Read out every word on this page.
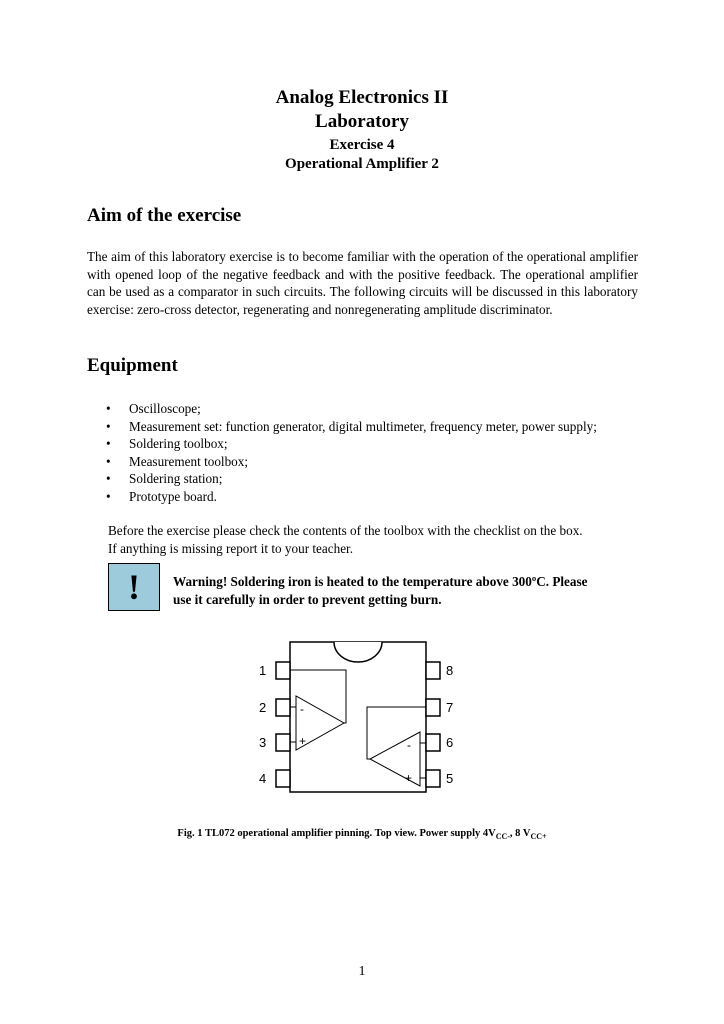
Analog Electronics II
Laboratory
Exercise 4
Operational Amplifier 2
Aim of the exercise
The aim of this laboratory exercise is to become familiar with the operation of the operational amplifier with opened loop of the negative feedback and with the positive feedback. The operational amplifier can be used as a comparator in such circuits. The following circuits will be discussed in this laboratory exercise: zero-cross detector, regenerating and nonregenerating amplitude discriminator.
Equipment
• Oscilloscope;
• Measurement set: function generator, digital multimeter, frequency meter, power supply;
• Soldering toolbox;
• Measurement toolbox;
• Soldering station;
• Prototype board.
Before the exercise please check the contents of the toolbox with the checklist on the box.
If anything is missing report it to your teacher.
!	Warning! Soldering iron is heated to the temperature above 300ºC. Please
use it carefully in order to prevent getting burn.
1
2
3
4	5
6
7
8
-
+	-
+
Fig. 1 TL072 operational amplifier pinning. Top view. Power supply $4V_{CC-}$, 8 $V_{CC+}$
1
